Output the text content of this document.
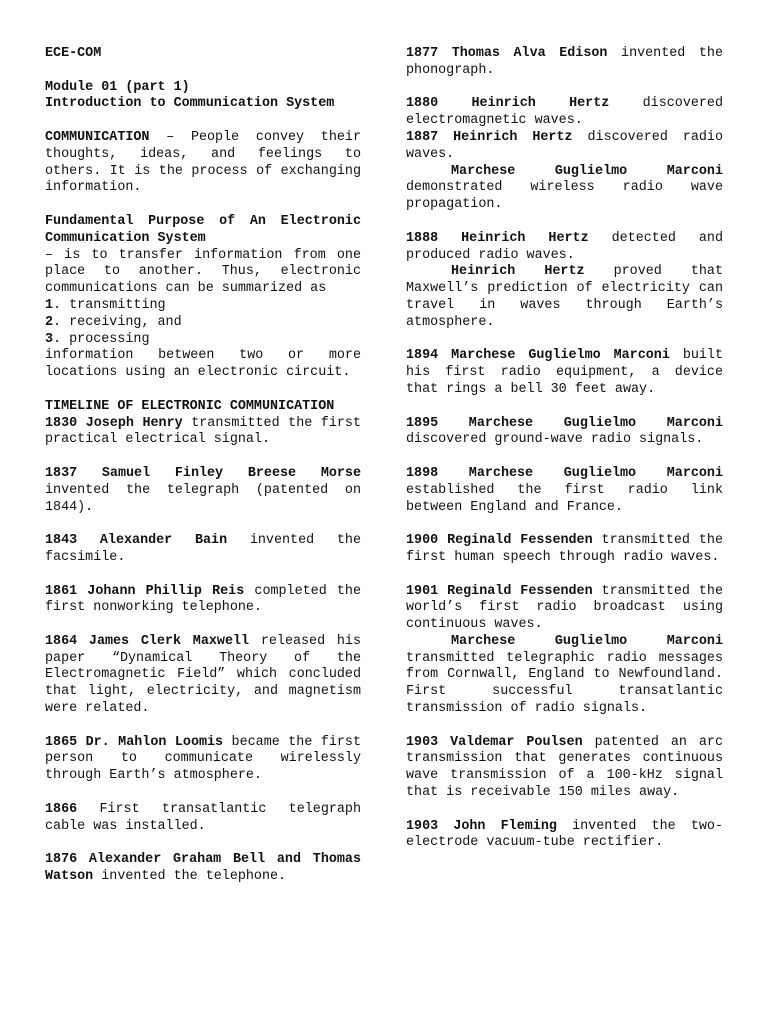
ECE-COM

Module 01 (part 1)

Introduction to Communication System

COMMUNICATION – People convey their thoughts, ideas, and feelings to others. It is the process of exchanging information.

Fundamental Purpose of An Electronic Communication System

– is to transfer information from one place to another. Thus, electronic communications can be summarized as

1. transmitting

2. receiving, and

3. processing

information between two or more locations using an electronic circuit.

TIMELINE OF ELECTRONIC COMMUNICATION

1830 Joseph Henry transmitted the first practical electrical signal.

1837 Samuel Finley Breese Morse invented the telegraph (patented on 1844).

1843 Alexander Bain invented the facsimile.

1861 Johann Phillip Reis completed the first nonworking telephone.

1864 James Clerk Maxwell released his paper “Dynamical Theory of the Electromagnetic Field” which concluded that light, electricity, and magnetism were related.

1865 Dr. Mahlon Loomis became the first person to communicate wirelessly through Earth’s atmosphere.

1866 First transatlantic telegraph cable was installed.

1876 Alexander Graham Bell and Thomas Watson invented the telephone.

1877 Thomas Alva Edison invented the phonograph.

1880 Heinrich Hertz discovered electromagnetic waves.

1887 Heinrich Hertz discovered radio waves.

Marchese Guglielmo Marconi demonstrated wireless radio wave propagation.

1888 Heinrich Hertz detected and produced radio waves.

Heinrich Hertz proved that Maxwell’s prediction of electricity can travel in waves through Earth’s atmosphere.

1894 Marchese Guglielmo Marconi built his first radio equipment, a device that rings a bell 30 feet away.

1895 Marchese Guglielmo Marconi discovered ground-wave radio signals.

1898 Marchese Guglielmo Marconi established the first radio link between England and France.

1900 Reginald Fessenden transmitted the first human speech through radio waves.

1901 Reginald Fessenden transmitted the world’s first radio broadcast using continuous waves.

Marchese Guglielmo Marconi transmitted telegraphic radio messages from Cornwall, England to Newfoundland. First successful transatlantic transmission of radio signals.

1903 Valdemar Poulsen patented an arc transmission that generates continuous wave transmission of a 100-kHz signal that is receivable 150 miles away.

1903 John Fleming invented the two-electrode vacuum-tube rectifier.
